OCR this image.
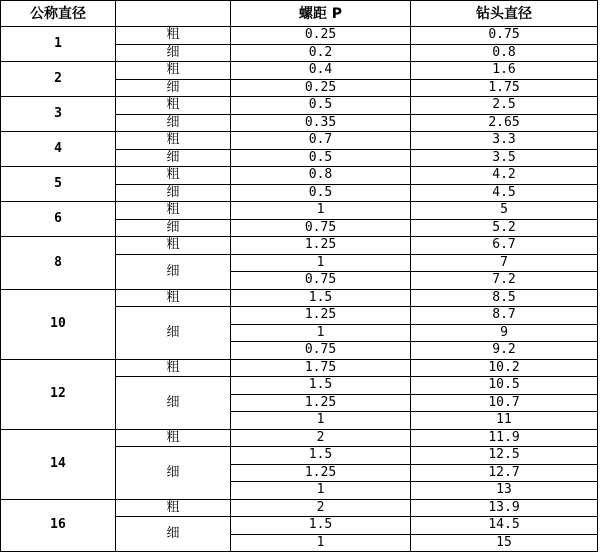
公称直径		螺距 P	钻头直径
1	粗	0.25	0.75
	细	0.2	0.8
2	粗	0.4	1.6
	细	0.25	1.75
3	粗	0.5	2.5
	细	0.35	2.65
4	粗	0.7	3.3
	细	0.5	3.5
5	粗	0.8	4.2
	细	0.5	4.5
6	粗	1	5
	细	0.75	5.2
8	粗	1.25	6.7
	细	1	7
		0.75	7.2
10	粗	1.5	8.5
	细	1.25	8.7
		1	9
		0.75	9.2
12	粗	1.75	10.2
	细	1.5	10.5
		1.25	10.7
		1	11
14	粗	2	11.9
	细	1.5	12.5
		1.25	12.7
		1	13
16	粗	2	13.9
	细	1.5	14.5
		1	15
